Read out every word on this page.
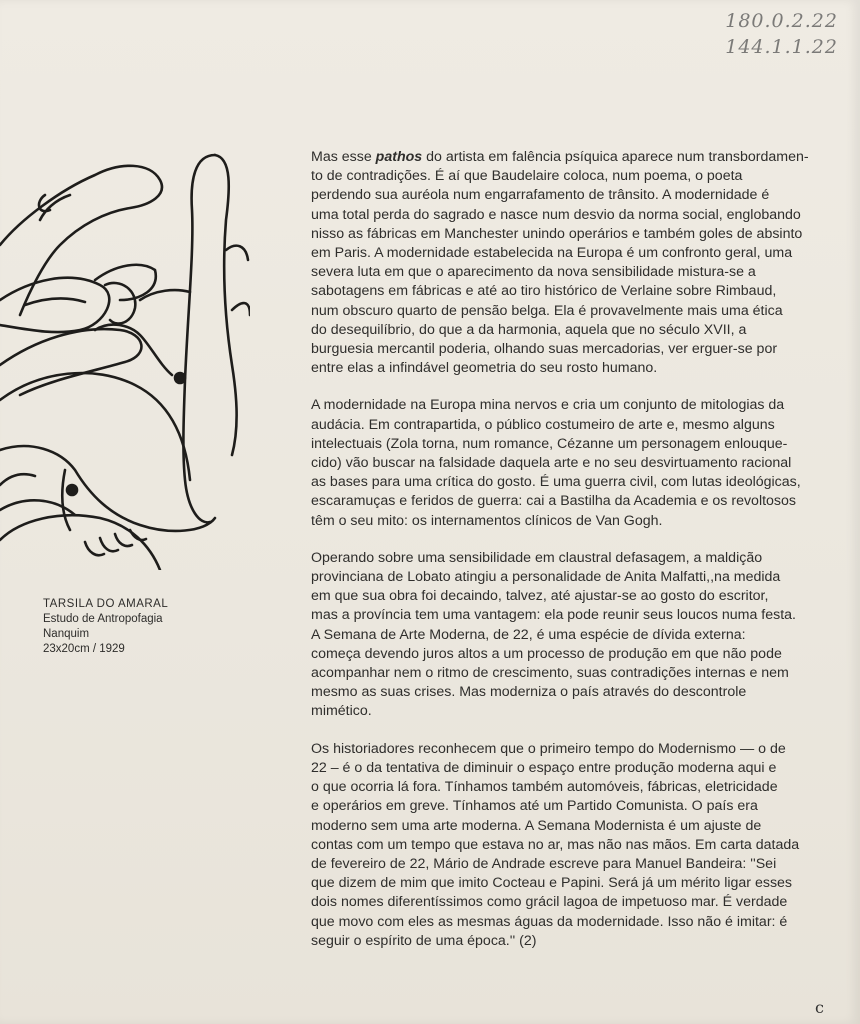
180.0.2.22
144.1.1.22
TARSILA DO AMARAL
Estudo de Antropofagia
Nanquim
23x20cm / 1929

Mas esse pathos do artista em falência psíquica aparece num transbordamen-
to de contradições. É aí que Baudelaire coloca, num poema, o poeta
perdendo sua auréola num engarrafamento de trânsito. A modernidade é
uma total perda do sagrado e nasce num desvio da norma social, englobando
nisso as fábricas em Manchester unindo operários e também goles de absinto
em Paris. A modernidade estabelecida na Europa é um confronto geral, uma
severa luta em que o aparecimento da nova sensibilidade mistura-se a
sabotagens em fábricas e até ao tiro histórico de Verlaine sobre Rimbaud,
num obscuro quarto de pensão belga. Ela é provavelmente mais uma ética
do desequilíbrio, do que a da harmonia, aquela que no século XVII, a
burguesia mercantil poderia, olhando suas mercadorias, ver erguer-se por
entre elas a infindável geometria do seu rosto humano.

A modernidade na Europa mina nervos e cria um conjunto de mitologias da
audácia. Em contrapartida, o público costumeiro de arte e, mesmo alguns
intelectuais (Zola torna, num romance, Cézanne um personagem enlouque-
cido) vão buscar na falsidade daquela arte e no seu desvirtuamento racional
as bases para uma crítica do gosto. É uma guerra civil, com lutas ideológicas,
escaramuças e feridos de guerra: cai a Bastilha da Academia e os revoltosos
têm o seu mito: os internamentos clínicos de Van Gogh.

Operando sobre uma sensibilidade em claustral defasagem, a maldição
provinciana de Lobato atingiu a personalidade de Anita Malfatti,,na medida
em que sua obra foi decaindo, talvez, até ajustar-se ao gosto do escritor,
mas a província tem uma vantagem: ela pode reunir seus loucos numa festa.
A Semana de Arte Moderna, de 22, é uma espécie de dívida externa:
começa devendo juros altos a um processo de produção em que não pode
acompanhar nem o ritmo de crescimento, suas contradições internas e nem
mesmo as suas crises. Mas moderniza o país através do descontrole
mimético.

Os historiadores reconhecem que o primeiro tempo do Modernismo — o de
22 – é o da tentativa de diminuir o espaço entre produção moderna aqui e
o que ocorria lá fora. Tínhamos também automóveis, fábricas, eletricidade
e operários em greve. Tínhamos até um Partido Comunista. O país era
moderno sem uma arte moderna. A Semana Modernista é um ajuste de
contas com um tempo que estava no ar, mas não nas mãos. Em carta datada
de fevereiro de 22, Mário de Andrade escreve para Manuel Bandeira: ''Sei
que dizem de mim que imito Cocteau e Papini. Será já um mérito ligar esses
dois nomes diferentíssimos como grácil lagoa de impetuoso mar. É verdade
que movo com eles as mesmas águas da modernidade. Isso não é imitar: é
seguir o espírito de uma época.'' (2)

c
